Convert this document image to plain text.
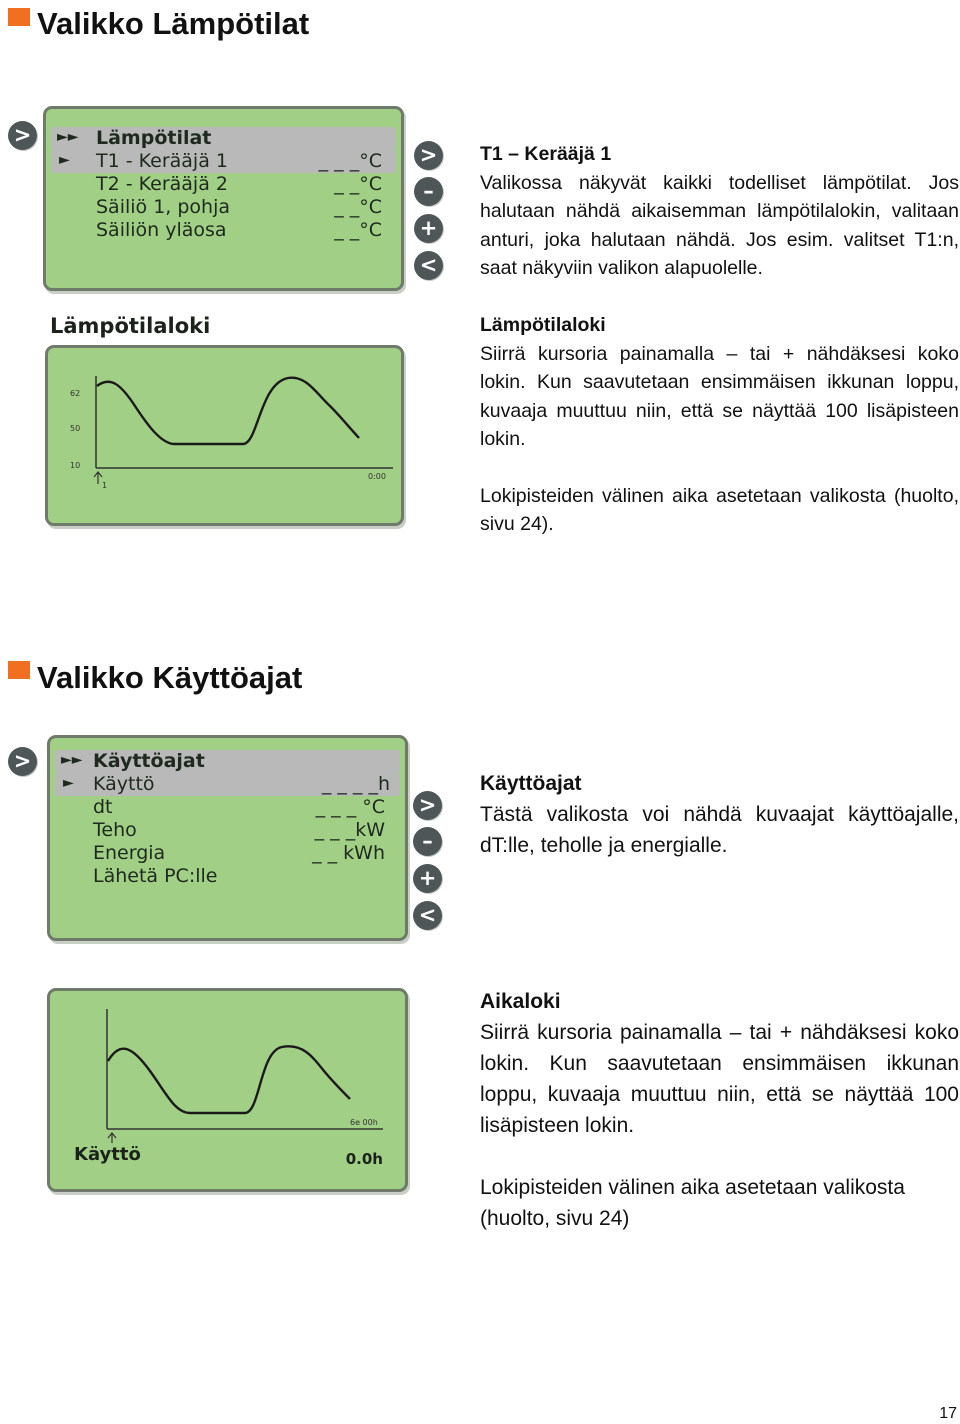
Valikko Lämpötilat
>	►► Lämpötilat
► T1 - Kerääjä 1	_ _ _°C
T2 - Kerääjä 2	_ _°C
Säiliö 1, pohja	_ _°C
Säiliön yläosa	_ _°C
>
–
+
<
Lämpötilaloki
62
50
10
0:00
1
T1 – Kerääjä 1

Valikossa näkyvät kaikki todelliset lämpötilat. Jos halutaan nähdä aikaisemman lämpötilalokin, valitaan anturi, joka halutaan nähdä. Jos esim. valitset T1:n, saat näkyviin valikon alapuolelle.

Lämpötilaloki

Siirrä kursoria painamalla – tai + nähdäksesi koko lokin. Kun saavutetaan ensimmäisen ikkunan loppu, kuvaaja muuttuu niin, että se näyttää 100 lisäpisteen lokin.

Lokipisteiden välinen aika asetetaan valikosta (huolto, sivu 24).

Valikko Käyttöajat
>	►► Käyttöajat
► Käyttö	_ _ _ _h
dt	_ _ _ °C
Teho	_ _ _kW
Energia	_ _ kWh
Lähetä PC:lle
>
–
+
<
6e 00h
Käyttö	0.0h
Käyttöajat

Tästä valikosta voi nähdä kuvaajat käyttöajalle, dT:lle, teholle ja energialle.

Aikaloki

Siirrä kursoria painamalla – tai + nähdäksesi koko lokin. Kun saavutetaan ensimmäisen ikkunan loppu, kuvaaja muuttuu niin, että se näyttää 100 lisäpisteen lokin.

Lokipisteiden välinen aika asetetaan valikosta (huolto, sivu 24)

17
